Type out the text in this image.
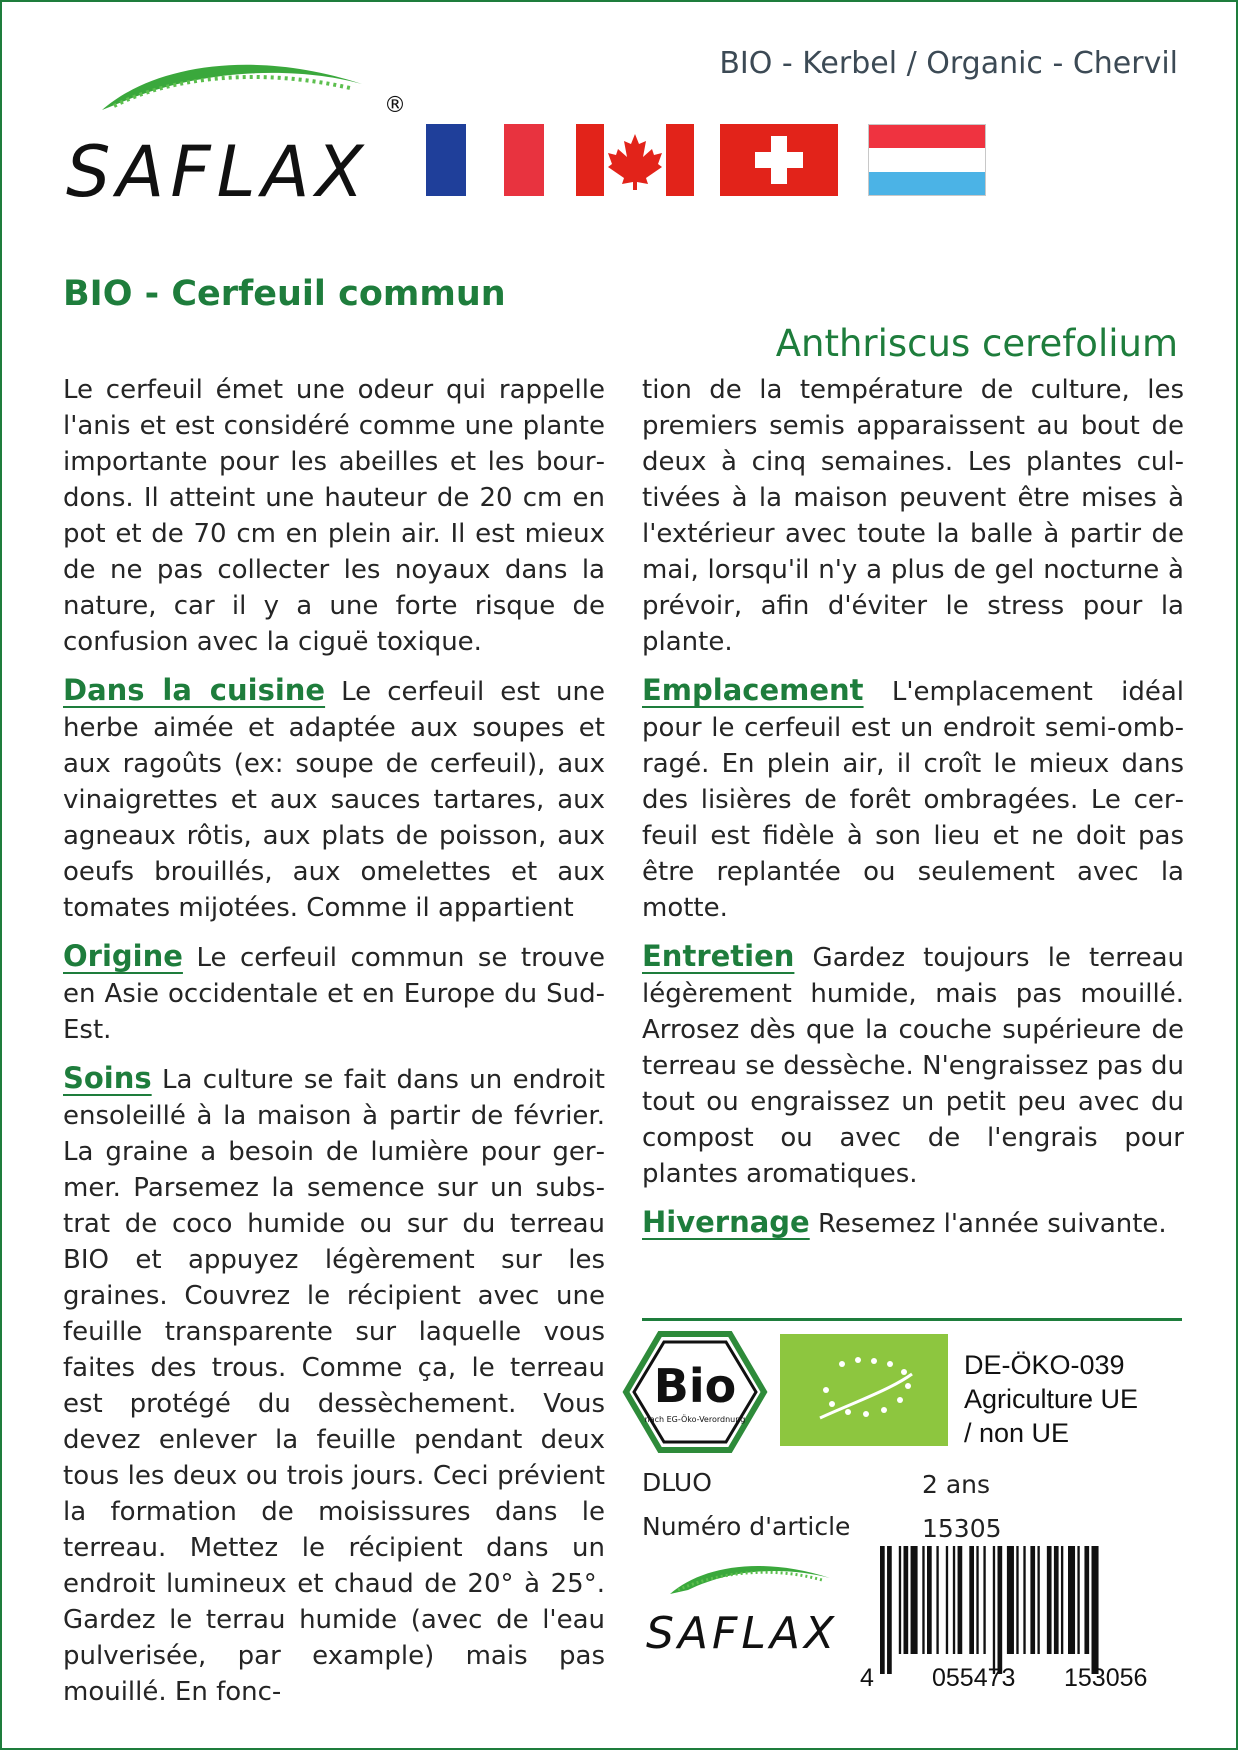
BIO - Kerbel / Organic - Chervil
SAFLAX
®
BIO - Cerfeuil commun
Anthriscus cerefolium

Le cerfeuil émet une odeur qui rappelle l'anis et est considéré comme une plante importante pour les abeilles et les bourdons. Il atteint une hauteur de 20 cm en pot et de 70 cm en plein air. Il est mieux de ne pas collecter les noyaux dans la nature, car il y a une forte risque de confusion avec la ciguë toxique.

Dans la cuisine Le cerfeuil est une herbe aimée et adaptée aux soupes et aux ragoûts (ex: soupe de cerfeuil), aux vinaigrettes et aux sauces tartares, aux agneaux rôtis, aux plats de poisson, aux oeufs brouillés, aux omelettes et aux tomates mijotées. Comme il appartient

Origine Le cerfeuil commun se trouve en Asie occidentale et en Europe du Sud-Est.

Soins La culture se fait dans un endroit ensoleillé à la maison à partir de février. La graine a besoin de lumière pour germer. Parsemez la semence sur un substrat de coco humide ou sur du terreau BIO et appuyez légèrement sur les graines. Couvrez le récipient avec une feuille transparente sur laquelle vous faites des trous. Comme ça, le terreau est protégé du dessèchement. Vous devez enlever la feuille pendant deux tous les deux ou trois jours. Ceci prévient la formation de moisissures dans le terreau. Mettez le récipient dans un endroit lumineux et chaud de 20° à 25°. Gardez le terrau humide (avec de l'eau pulverisée, par example) mais pas mouillé. En fonc-

tion de la température de culture, les premiers semis apparaissent au bout de deux à cinq semaines. Les plantes cultivées à la maison peuvent être mises à l'extérieur avec toute la balle à partir de mai, lorsqu'il n'y a plus de gel nocturne à prévoir, afin d'éviter le stress pour la plante.

Emplacement L'emplacement idéal pour le cerfeuil est un endroit semi-ombragé. En plein air, il croît le mieux dans des lisières de forêt ombragées. Le cerfeuil est fidèle à son lieu et ne doit pas être replantée ou seulement avec la motte.

Entretien Gardez toujours le terreau légèrement humide, mais pas mouillé. Arrosez dès que la couche supérieure de terreau se dessèche. N'engraissez pas du tout ou engraissez un petit peu avec du compost ou avec de l'engrais pour plantes aromatiques.

Hivernage Resemez l'année suivante.

Bio
nach EG-Öko-Verordnung
DE-ÖKO-039
Agriculture UE
/ non UE
DLUO	2 ans
Numéro d'article	15305
SAFLAX
4 055473 153056
